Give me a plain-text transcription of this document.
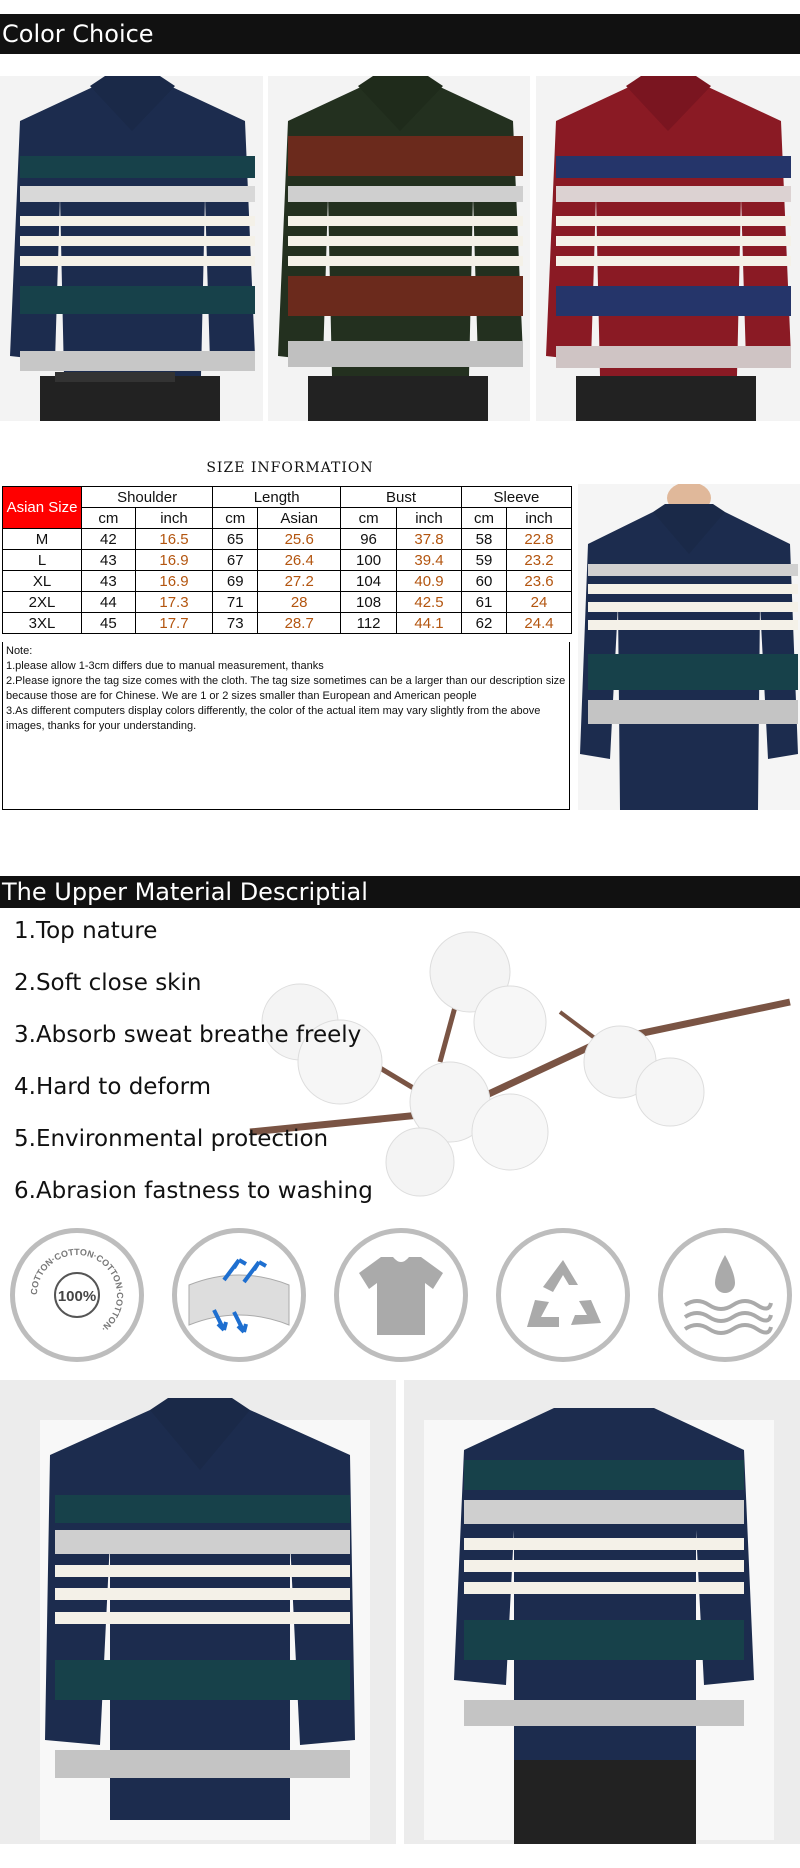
Color Choice
SIZE INFORMATION
Asian Size	Shoulder		Length		Bust		Sleeve	
	cm	inch	cm	Asian	cm	inch	cm	inch
M	42	16.5	65	25.6	96	37.8	58	22.8
L	43	16.9	67	26.4	100	39.4	59	23.2
XL	43	16.9	69	27.2	104	40.9	60	23.6
2XL	44	17.3	71	28	108	42.5	61	24
3XL	45	17.7	73	28.7	112	44.1	62	24.4

Note:

1.please allow 1-3cm differs due to manual measurement, thanks

2.Please ignore the tag size comes with the cloth. The tag size sometimes can be a larger than our description size because those are for Chinese. We are 1 or 2 sizes smaller than European and American people

3.As different computers display colors differently, the color of the actual item may vary slightly from the above images, thanks for your understanding.

The Upper Material Descriptial
1.Top nature
2.Soft close skin
3.Absorb sweat breathe freely
4.Hard to deform
5.Environmental protection
6.Abrasion fastness to washing
COTTON·COTTON·COTTON·COTTON·
100%
